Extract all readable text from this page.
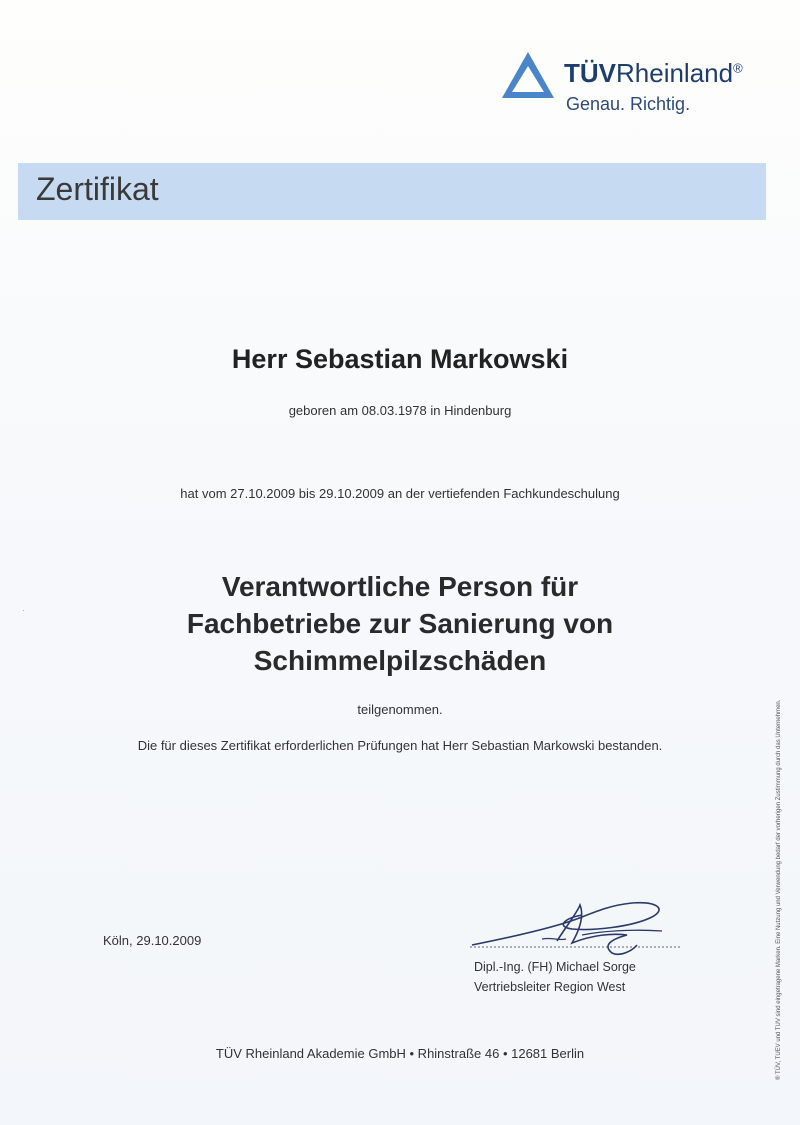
TÜVRheinland®
Genau. Richtig.
Zertifikat
Herr Sebastian Markowski
geboren am 08.03.1978 in Hindenburg
hat vom 27.10.2009 bis 29.10.2009 an der vertiefenden Fachkundeschulung
Verantwortliche Person für
Fachbetriebe zur Sanierung von
Schimmelpilzschäden
teilgenommen.
Die für dieses Zertifikat erforderlichen Prüfungen hat Herr Sebastian Markowski bestanden.
Köln, 29.10.2009
Dipl.-Ing. (FH) Michael Sorge
Vertriebsleiter Region West
TÜV Rheinland Akademie GmbH • Rhinstraße 46 • 12681 Berlin	® TÜV, TUEV und TUV sind eingetragene Marken. Eine Nutzung und Verwendung bedarf der vorherigen Zustimmung durch das Unternehmen.
·
